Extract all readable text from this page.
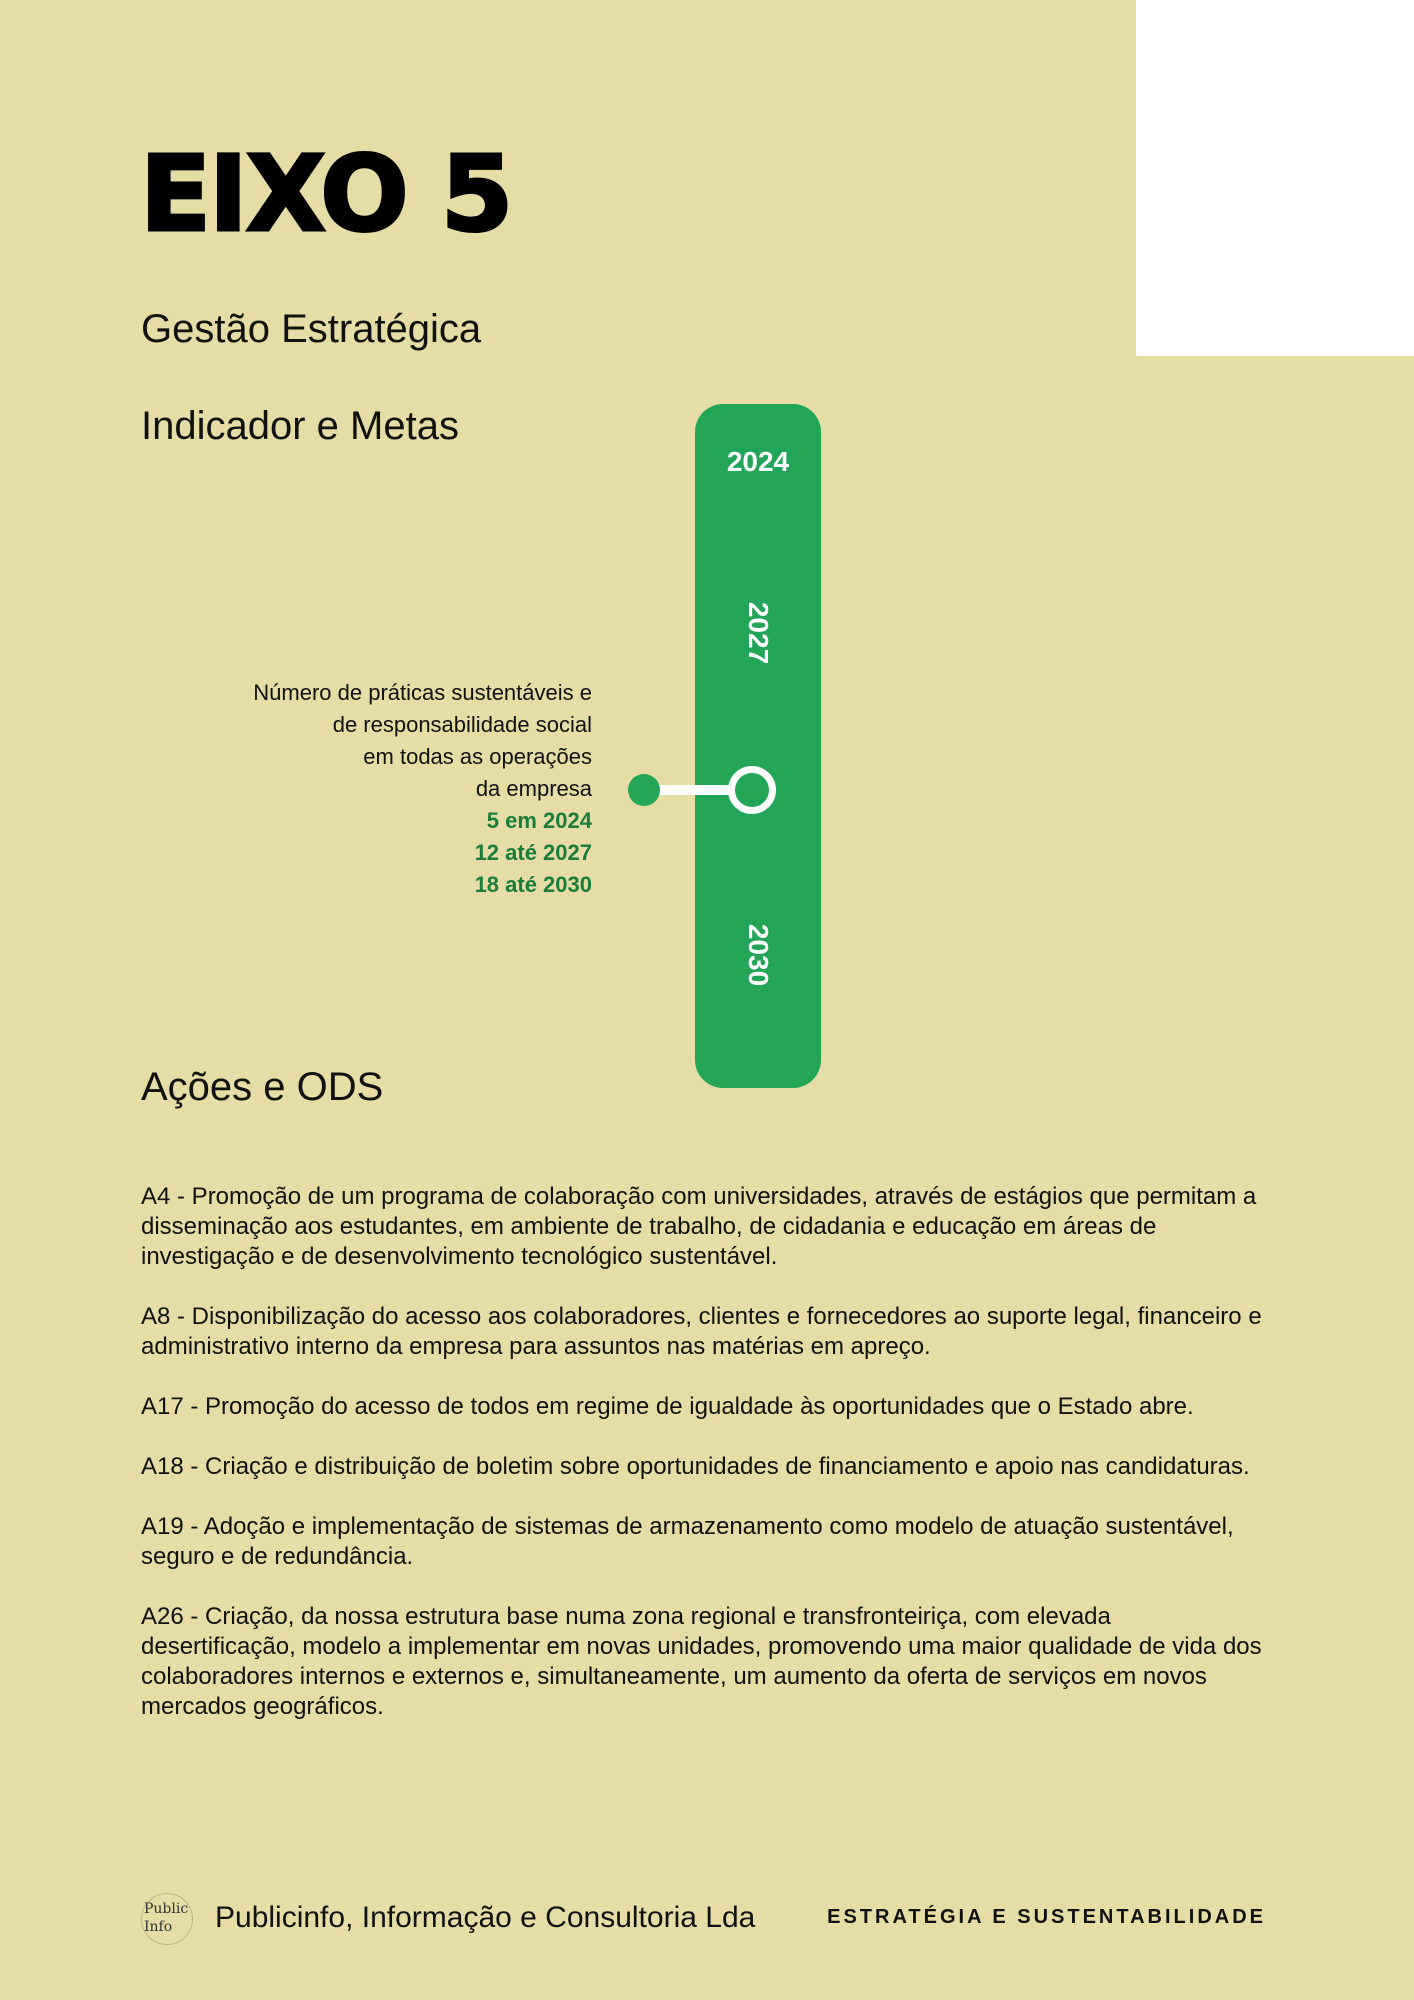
EIXO 5
Gestão Estratégica
Indicador e Metas
2024
2027
2030
Número de práticas sustentáveis e
de responsabilidade social
em todas as operações
da empresa
5 em 2024
12 até 2027
18 até 2030
Ações e ODS

A4 - Promoção de um programa de colaboração com universidades, através de estágios que permitam a disseminação aos estudantes, em ambiente de trabalho, de cidadania e educação em áreas de investigação e de desenvolvimento tecnológico sustentável.

A8 - Disponibilização do acesso aos colaboradores, clientes e fornecedores ao suporte legal, financeiro e administrativo interno da empresa para assuntos nas matérias em apreço.

A17 - Promoção do acesso de todos em regime de igualdade às oportunidades que o Estado abre.

A18 - Criação e distribuição de boletim sobre oportunidades de financiamento e apoio nas candidaturas.

A19 - Adoção e implementação de sistemas de armazenamento como modelo de atuação sustentável, seguro e de redundância.

A26 - Criação, da nossa estrutura base numa zona regional e transfronteiriça, com elevada desertificação, modelo a implementar em novas unidades, promovendo uma maior qualidade de vida dos colaboradores internos e externos e, simultaneamente, um aumento da oferta de serviços em novos mercados geográficos.

Public
Info	Publicinfo, Informação e Consultoria Lda	ESTRATÉGIA E SUSTENTABILIDADE
